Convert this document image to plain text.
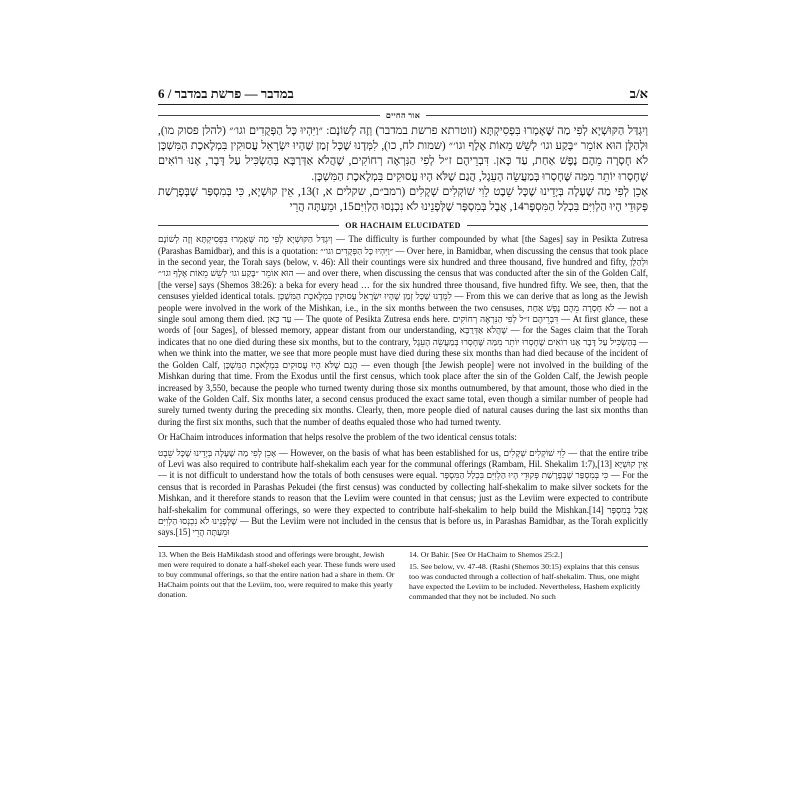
6 / במדבר — פרשת במדבר	א/ב
אור החיים
וְיִגְדַּל הַקּוּשְׁיָא לְפִי מַה שֶּׁאָמְרוּ בִּפְסִיקְתָּא (זוטרתא פרשת במדבר) וְזֶה לְשׁוֹנָם: ״וַיִּהְיוּ כָּל הַפְּקֻדִים וגו׳״ (להלן פסוק מו), וּלְהַלָּן הוּא אוֹמֵר ״בֶּקַע וגו׳ לְשֵׁשׁ מֵאוֹת אֶלֶף וגו׳״ (שמות לח, כו), לִמְּדָנוּ שֶׁכָּל זְמַן שֶׁהָיוּ יִשְׂרָאֵל עֲסוּקִין בִּמְלֶאכֶת הַמִּשְׁכָּן לֹא חָסְרָה מֵהֶם נֶפֶשׁ אַחַת, עַד כָּאן. דִּבְרֵיהֶם ז״ל לְפִי הַנִּרְאֶה רְחוֹקִים, שֶׁהֲלֹא אַדְּרַבָּא בְּהַשְׂכִּיל עַל דָּבָר, אָנוּ רוֹאִים שֶׁחָסְרוּ יוֹתֵר מִמַּה שֶּׁחָסְרוּ בְּמַעֲשֵׂה הָעֵגֶל, הֲגַם שֶׁלֹּא הָיוּ עֲסוּקִים בִּמְלֶאכֶת הַמִּשְׁכָּן.
אָכֵן לְפִי מַה שֶׁעָלָה בְּיָדֵינוּ שֶׁכָּל שֵׁבֶט לֵוִי שׁוֹקְלִים שְׁקָלִים (רמב״ם, שקלים א, ז)13, אֵין קוּשְׁיָא, כִּי בְּמִסְפַּר שֶׁבְּפָרָשַׁת פְּקוּדֵי הָיוּ הַלְוִיִּם בִּכְלַל הַמִּסְפָּר14, אֲבָל בְּמִסְפָּר שֶׁלְּפָנֵינוּ לֹא נִכְנְסוּ הַלְוִיִּם15, וּמֵעַתָּה הֲרֵי
OR HACHAIM ELUCIDATED

וְיִגְדַּל הַקּוּשְׁיָא לְפִי מַה שֶּׁאָמְרוּ בִּפְסִיקְתָּא וְזֶה לְשׁוֹנָם — The difficulty is further compounded by what [the Sages] say in Pesikta Zutresa (Parashas Bamidbar), and this is a quotation: ״וַיִּהְיוּ כָּל הַפְּקֻדִים וגו׳״ — Over here, in Bamidbar, when discussing the census that took place in the second year, the Torah says (below, v. 46): All their countings were six hundred and three thousand, five hundred and fifty, וּלְהַלָּן הוּא אוֹמֵר ״בֶּקַע וגו׳ לְשֵׁשׁ מֵאוֹת אֶלֶף וגו׳״ — and over there, when discussing the census that was conducted after the sin of the Golden Calf, [the verse] says (Shemos 38:26): a beka for every head … for the six hundred three thousand, five hundred fifty. We see, then, that the censuses yielded identical totals. לִמְּדָנוּ שֶׁכָּל זְמַן שֶׁהָיוּ יִשְׂרָאֵל עֲסוּקִין בִּמְלֶאכֶת הַמִּשְׁכָּן — From this we can derive that as long as the Jewish people were involved in the work of the Mishkan, i.e., in the six months between the two censuses, לֹא חָסְרָה מֵהֶם נֶפֶשׁ אַחַת — not a single soul among them died. עַד כָּאן — The quote of Pesikta Zutresa ends here. דִּבְרֵיהֶם ז״ל לְפִי הַנִּרְאֶה רְחוֹקִים — At first glance, these words of [our Sages], of blessed memory, appear distant from our understanding, שֶׁהֲלֹא אַדְּרַבָּא — for the Sages claim that the Torah indicates that no one died during these six months, but to the contrary, בְּהַשְׂכִּיל עַל דָּבָר אָנוּ רוֹאִים שֶׁחָסְרוּ יוֹתֵר מִמַּה שֶּׁחָסְרוּ בְּמַעֲשֵׂה הָעֵגֶל — when we think into the matter, we see that more people must have died during these six months than had died because of the incident of the Golden Calf, הֲגַם שֶׁלֹּא הָיוּ עֲסוּקִים בִּמְלֶאכֶת הַמִּשְׁכָּן — even though [the Jewish people] were not involved in the building of the Mishkan during that time. From the Exodus until the first census, which took place after the sin of the Golden Calf, the Jewish people increased by 3,550, because the people who turned twenty during those six months outnumbered, by that amount, those who died in the wake of the Golden Calf. Six months later, a second census produced the exact same total, even though a similar number of people had surely turned twenty during the preceding six months. Clearly, then, more people died of natural causes during the last six months than during the first six months, such that the number of deaths equaled those who had turned twenty.

Or HaChaim introduces information that helps resolve the problem of the two identical census totals:

אָכֵן לְפִי מַה שֶׁעָלָה בְּיָדֵינוּ שֶׁכָּל שֵׁבֶט — However, on the basis of what has been established for us, לֵוִי שׁוֹקְלִים שְׁקָלִים — that the entire tribe of Levi was also required to contribute half-shekalim each year for the communal offerings (Rambam, Hil. Shekalim 1:7),[13] אֵין קוּשְׁיָא — it is not difficult to understand how the totals of both censuses were equal. כִּי בְּמִסְפַּר שֶׁבְּפָרָשַׁת פְּקוּדֵי הָיוּ הַלְוִיִּם בִּכְלַל הַמִּסְפָּר — For the census that is recorded in Parashas Pekudei (the first census) was conducted by collecting half-shekalim to make silver sockets for the Mishkan, and it therefore stands to reason that the Leviim were counted in that census; just as the Leviim were expected to contribute half-shekalim for communal offerings, so were they expected to contribute half-shekalim to help build the Mishkan.[14] אֲבָל בְּמִסְפָּר שֶׁלְּפָנֵינוּ לֹא נִכְנְסוּ הַלְוִיִּם — But the Leviim were not included in the census that is before us, in Parashas Bamidbar, as the Torah explicitly says.[15] וּמֵעַתָּה הֲרֵי

13. When the Beis HaMikdash stood and offerings were brought, Jewish men were required to donate a half-shekel each year. These funds were used to buy communal offerings, so that the entire nation had a share in them. Or HaChaim points out that the Leviim, too, were required to make this yearly donation.

14. Or Bahir. [See Or HaChaim to Shemos 25:2.]

15. See below, vv. 47-48. (Rashi (Shemos 30:15) explains that this census too was conducted through a collection of half-shekalim. Thus, one might have expected the Leviim to be included. Nevertheless, Hashem explicitly commanded that they not be included. No such
